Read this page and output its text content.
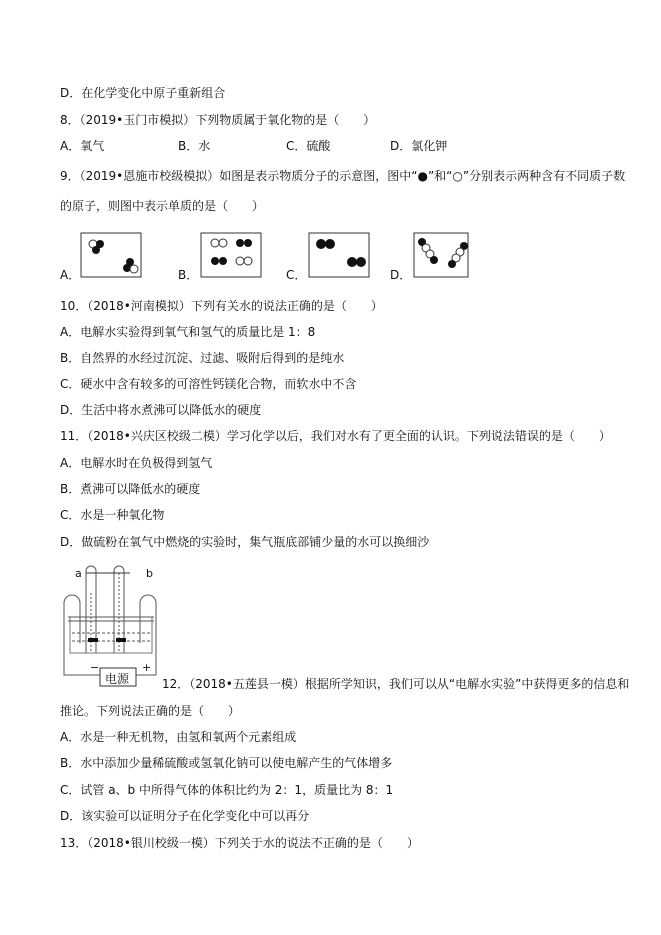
D．在化学变化中原子重新组合
8．（2019•玉门市模拟）下列物质属于氧化物的是（　　）
A．氧气	B．水	C．硫酸	D．氯化钾
9．（2019•恩施市校级模拟）如图是表示物质分子的示意图，图中“●”和“○”分别表示两种含有不同质子数
的原子，则图中表示单质的是（　　）
A．	B．	C．	D．
10．（2018•河南模拟）下列有关水的说法正确的是（　　）
A．电解水实验得到氧气和氢气的质量比是 1：8
B．自然界的水经过沉淀、过滤、吸附后得到的是纯水
C．硬水中含有较多的可溶性钙镁化合物，而软水中不含
D．生活中将水煮沸可以降低水的硬度
11．（2018•兴庆区校级二模）学习化学以后，我们对水有了更全面的认识。下列说法错误的是（　　）
A．电解水时在负极得到氢气
B．煮沸可以降低水的硬度
C．水是一种氧化物
D．做硫粉在氧气中燃烧的实验时，集气瓶底部铺少量的水可以换细沙
a	b
−	+
电源	12．（2018•五莲县一模）根据所学知识，我们可以从“电解水实验”中获得更多的信息和
推论。下列说法正确的是（　　）
A．水是一种无机物，由氢和氧两个元素组成
B．水中添加少量稀硫酸或氢氧化钠可以使电解产生的气体增多
C．试管 a、b 中所得气体的体积比约为 2：1，质量比为 8：1
D．该实验可以证明分子在化学变化中可以再分
13．（2018•银川校级一模）下列关于水的说法不正确的是（　　）
